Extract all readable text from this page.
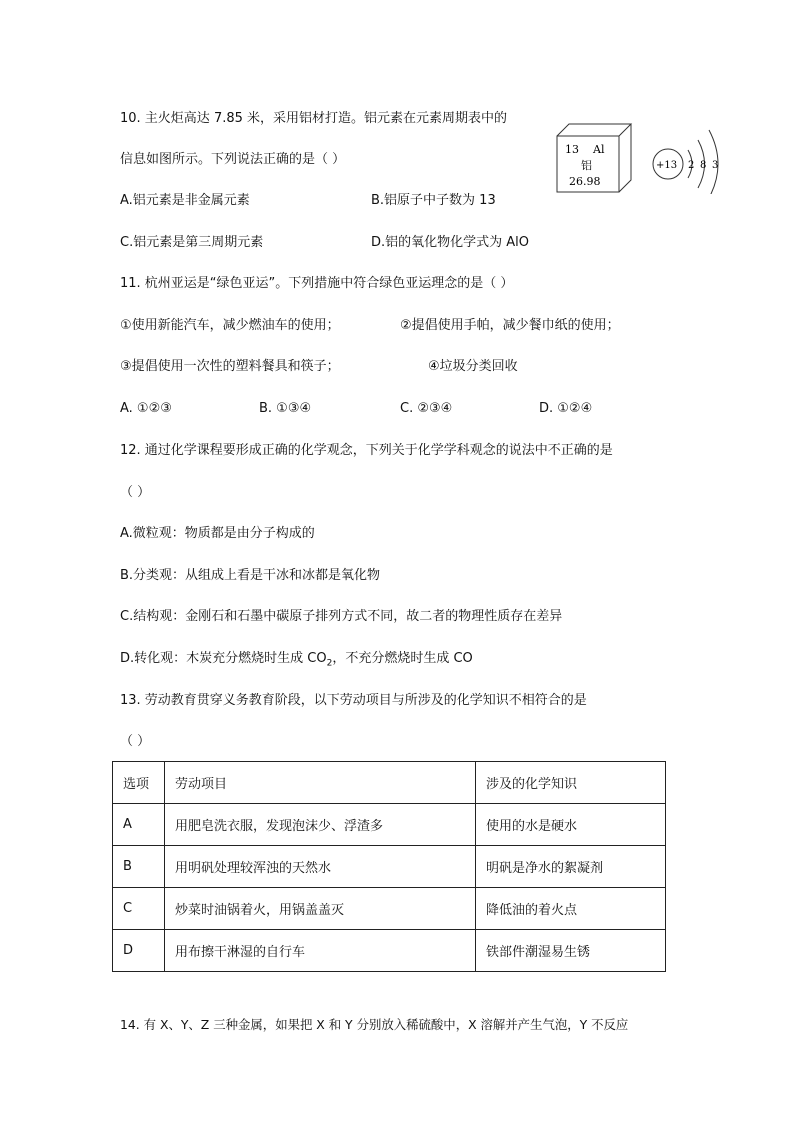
10. 主火炬高达 7.85 米，采用铝材打造。铝元素在元素周期表中的
信息如图所示。下列说法正确的是（ ）
13 Al
铝
26.98
+13 2 8 3
A.铝元素是非金属元素	B.铝原子中子数为 13
C.铝元素是第三周期元素	D.铝的氧化物化学式为 AlO
11. 杭州亚运是“绿色亚运”。下列措施中符合绿色亚运理念的是（ ）
①使用新能汽车，减少燃油车的使用；	②提倡使用手帕，减少餐巾纸的使用；
③提倡使用一次性的塑料餐具和筷子；	④垃圾分类回收
A. ①②③	B. ①③④	C. ②③④	D. ①②④
12. 通过化学课程要形成正确的化学观念，下列关于化学学科观念的说法中不正确的是
（ ）
A.微粒观：物质都是由分子构成的
B.分类观：从组成上看是干冰和冰都是氧化物
C.结构观：金刚石和石墨中碳原子排列方式不同，故二者的物理性质存在差异
D.转化观：木炭充分燃烧时生成 $CO_2$，不充分燃烧时生成 CO
13. 劳动教育贯穿义务教育阶段，以下劳动项目与所涉及的化学知识不相符合的是
（ ）
选项	劳动项目	涉及的化学知识
A	用肥皂洗衣服，发现泡沫少、浮渣多	使用的水是硬水
B	用明矾处理较浑浊的天然水	明矾是净水的絮凝剂
C	炒菜时油锅着火，用锅盖盖灭	降低油的着火点
D	用布擦干淋湿的自行车	铁部件潮湿易生锈
14. 有 X、Y、Z 三种金属，如果把 X 和 Y 分别放入稀硫酸中，X 溶解并产生气泡，Y 不反应
